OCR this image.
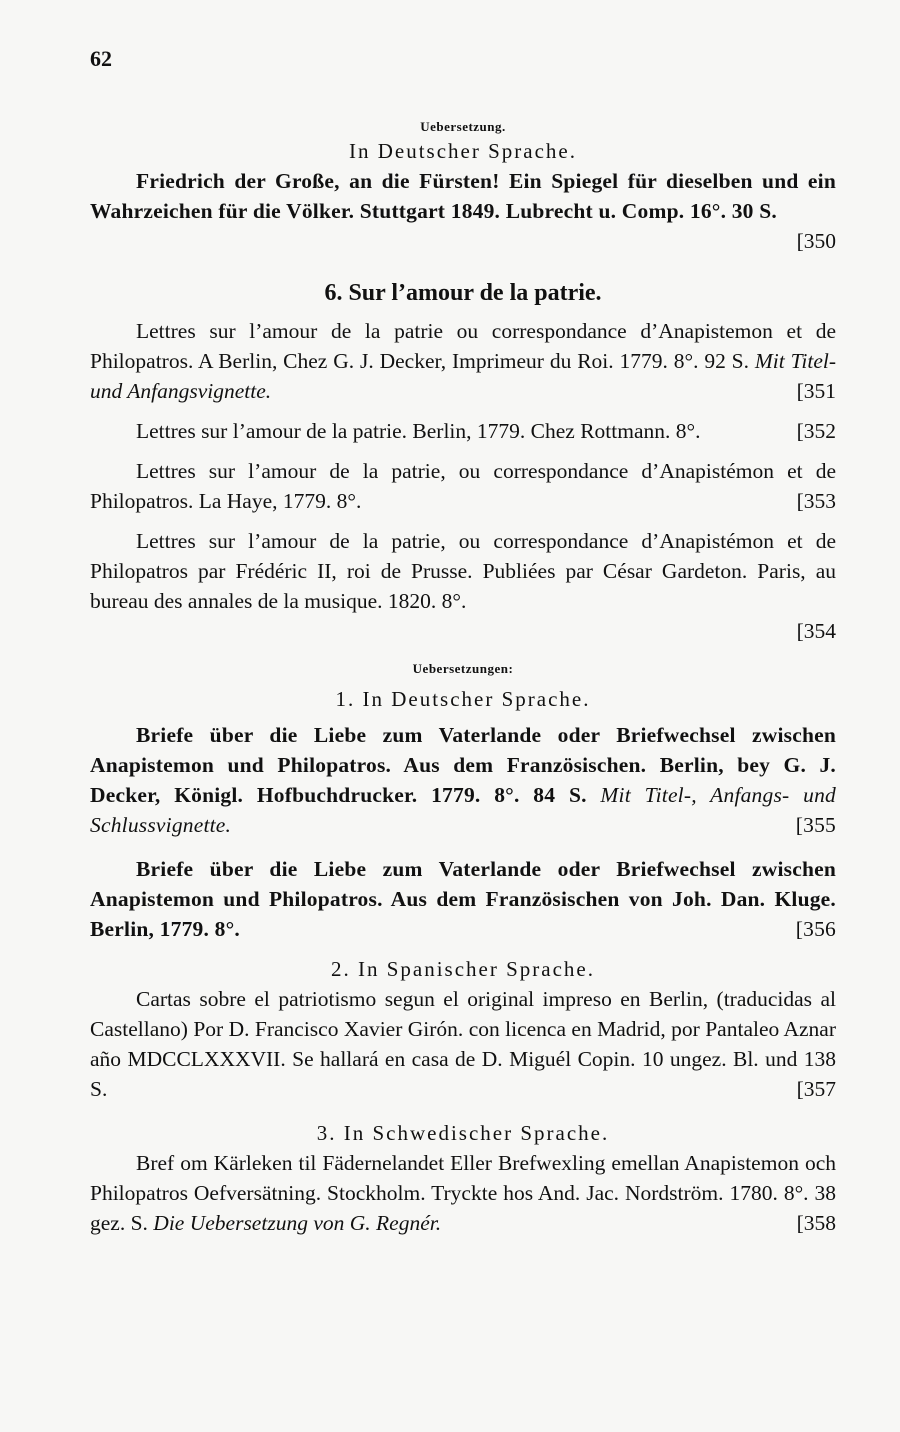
62
Uebersetzung.
In Deutscher Sprache.

Friedrich der Große, an die Fürsten! Ein Spiegel für dieselben und ein Wahrzeichen für die Völker. Stuttgart 1849. Lubrecht u. Comp. 16°. 30 S.

[350
6. Sur l’amour de la patrie.

Lettres sur l’amour de la patrie ou correspondance d’Anapistemon et de Philopatros. A Berlin, Chez G. J. Decker, Imprimeur du Roi. 1779. 8°. 92 S. Mit Titel- und Anfangsvignette.	[351

Lettres sur l’amour de la patrie. Berlin, 1779. Chez Rottmann. 8°.	[352

Lettres sur l’amour de la patrie, ou correspondance d’Anapistémon et de Philopatros. La Haye, 1779. 8°.	[353

Lettres sur l’amour de la patrie, ou correspondance d’Anapistémon et de Philopatros par Frédéric II, roi de Prusse. Publiées par César Gardeton. Paris, au bureau des annales de la musique. 1820. 8°.

[354
Uebersetzungen:
1. In Deutscher Sprache.

Briefe über die Liebe zum Vaterlande oder Briefwechsel zwischen Anapistemon und Philopatros. Aus dem Französischen. Berlin, bey G. J. Decker, Königl. Hofbuchdrucker. 1779. 8°. 84 S. Mit Titel-, Anfangs- und Schlussvignette.	[355

Briefe über die Liebe zum Vaterlande oder Briefwechsel zwischen Anapistemon und Philopatros. Aus dem Französischen von Joh. Dan. Kluge. Berlin, 1779. 8°.	[356

2. In Spanischer Sprache.

Cartas sobre el patriotismo segun el original impreso en Berlin, (traducidas al Castellano) Por D. Francisco Xavier Girón. con licenca en Madrid, por Pantaleo Aznar año MDCCLXXXVII. Se hallará en casa de D. Miguél Copin. 10 ungez. Bl. und 138 S.	[357

3. In Schwedischer Sprache.

Bref om Kärleken til Fädernelandet Eller Brefwexling emellan Anapistemon och Philopatros Oefversätning. Stockholm. Tryckte hos And. Jac. Nordström. 1780. 8°. 38 gez. S. Die Uebersetzung von G. Regnér.	[358
